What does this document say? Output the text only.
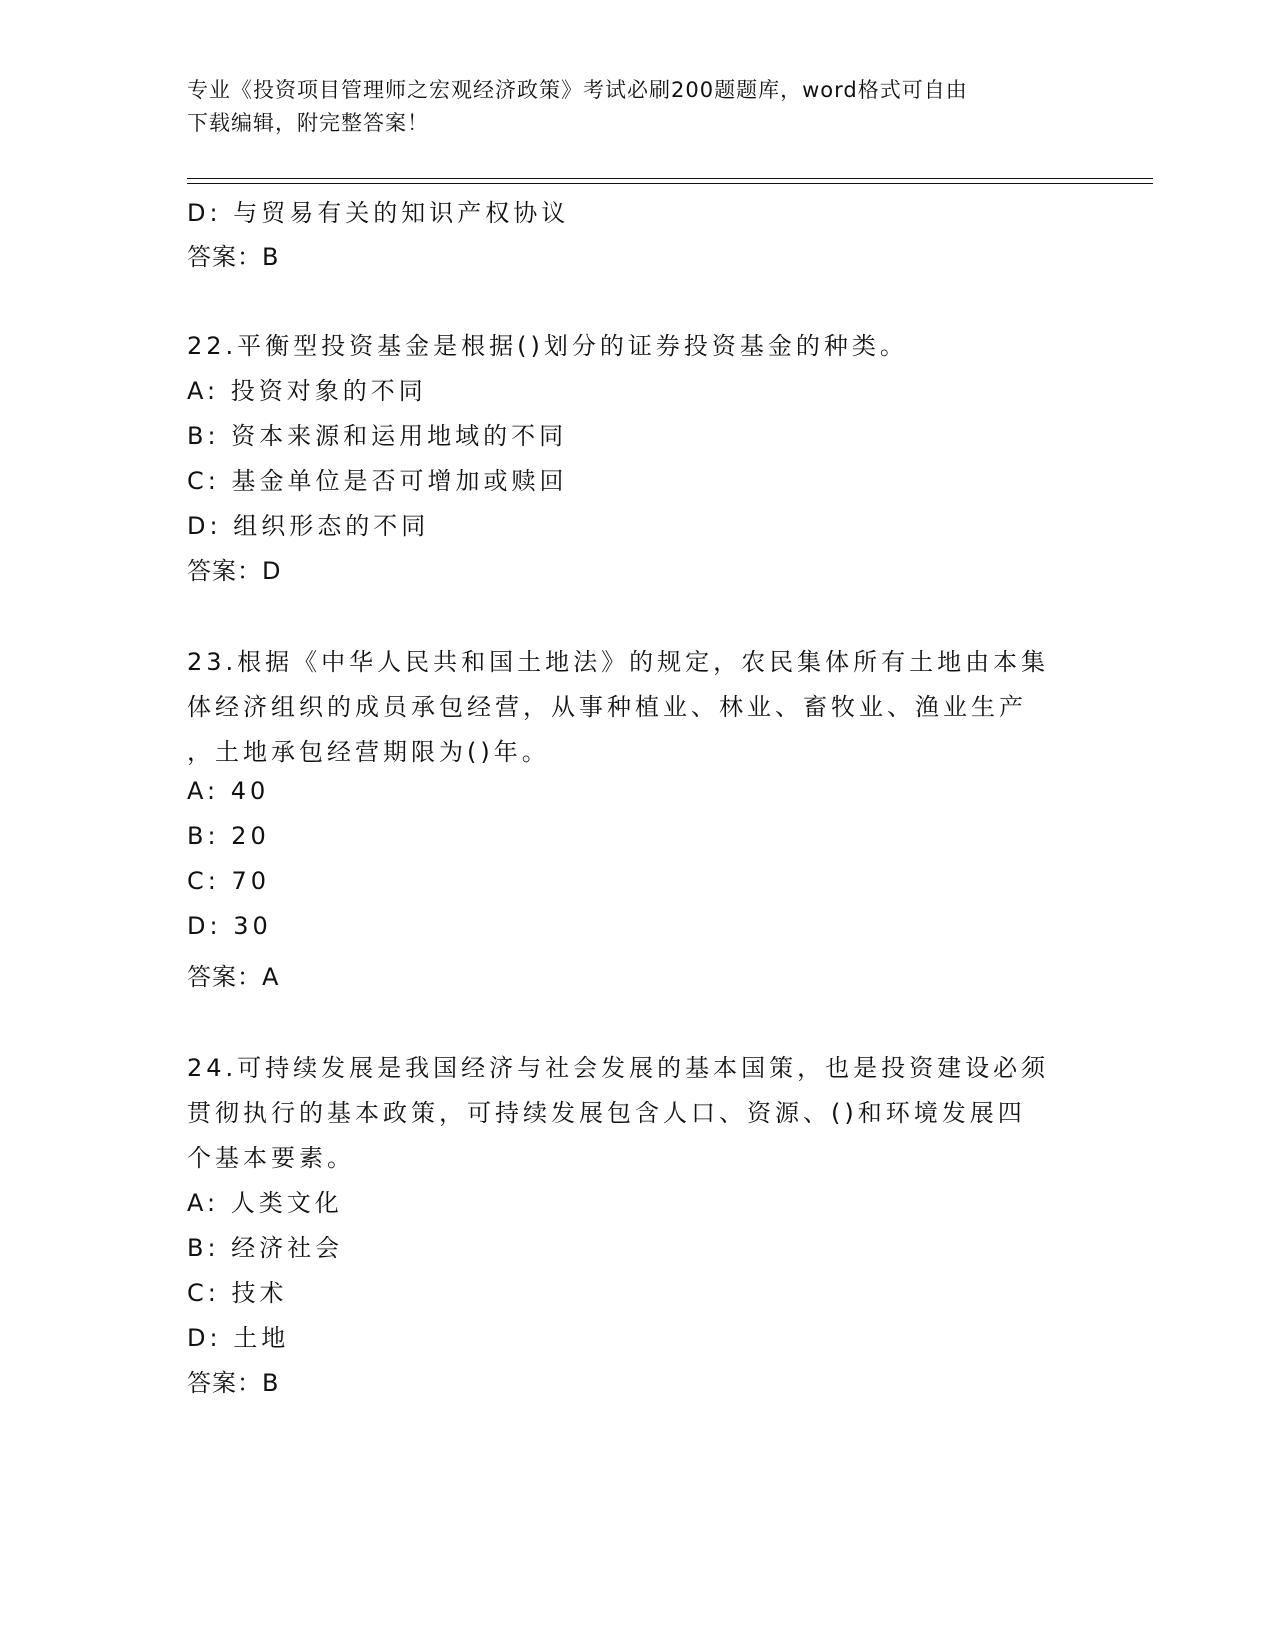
专业《投资项目管理师之宏观经济政策》考试必刷200题题库，word格式可自由
下载编辑，附完整答案！
D: 与贸易有关的知识产权协议
答案：B
22.平衡型投资基金是根据()划分的证券投资基金的种类。
A: 投资对象的不同
B: 资本来源和运用地域的不同
C: 基金单位是否可增加或赎回
D: 组织形态的不同
答案：D
23.根据《中华人民共和国土地法》的规定，农民集体所有土地由本集
体经济组织的成员承包经营，从事种植业、林业、畜牧业、渔业生产
，土地承包经营期限为()年。
A: 40
B: 20
C: 70
D: 30
答案：A
24.可持续发展是我国经济与社会发展的基本国策，也是投资建设必须
贯彻执行的基本政策，可持续发展包含人口、资源、()和环境发展四
个基本要素。
A: 人类文化
B: 经济社会
C: 技术
D: 土地
答案：B
